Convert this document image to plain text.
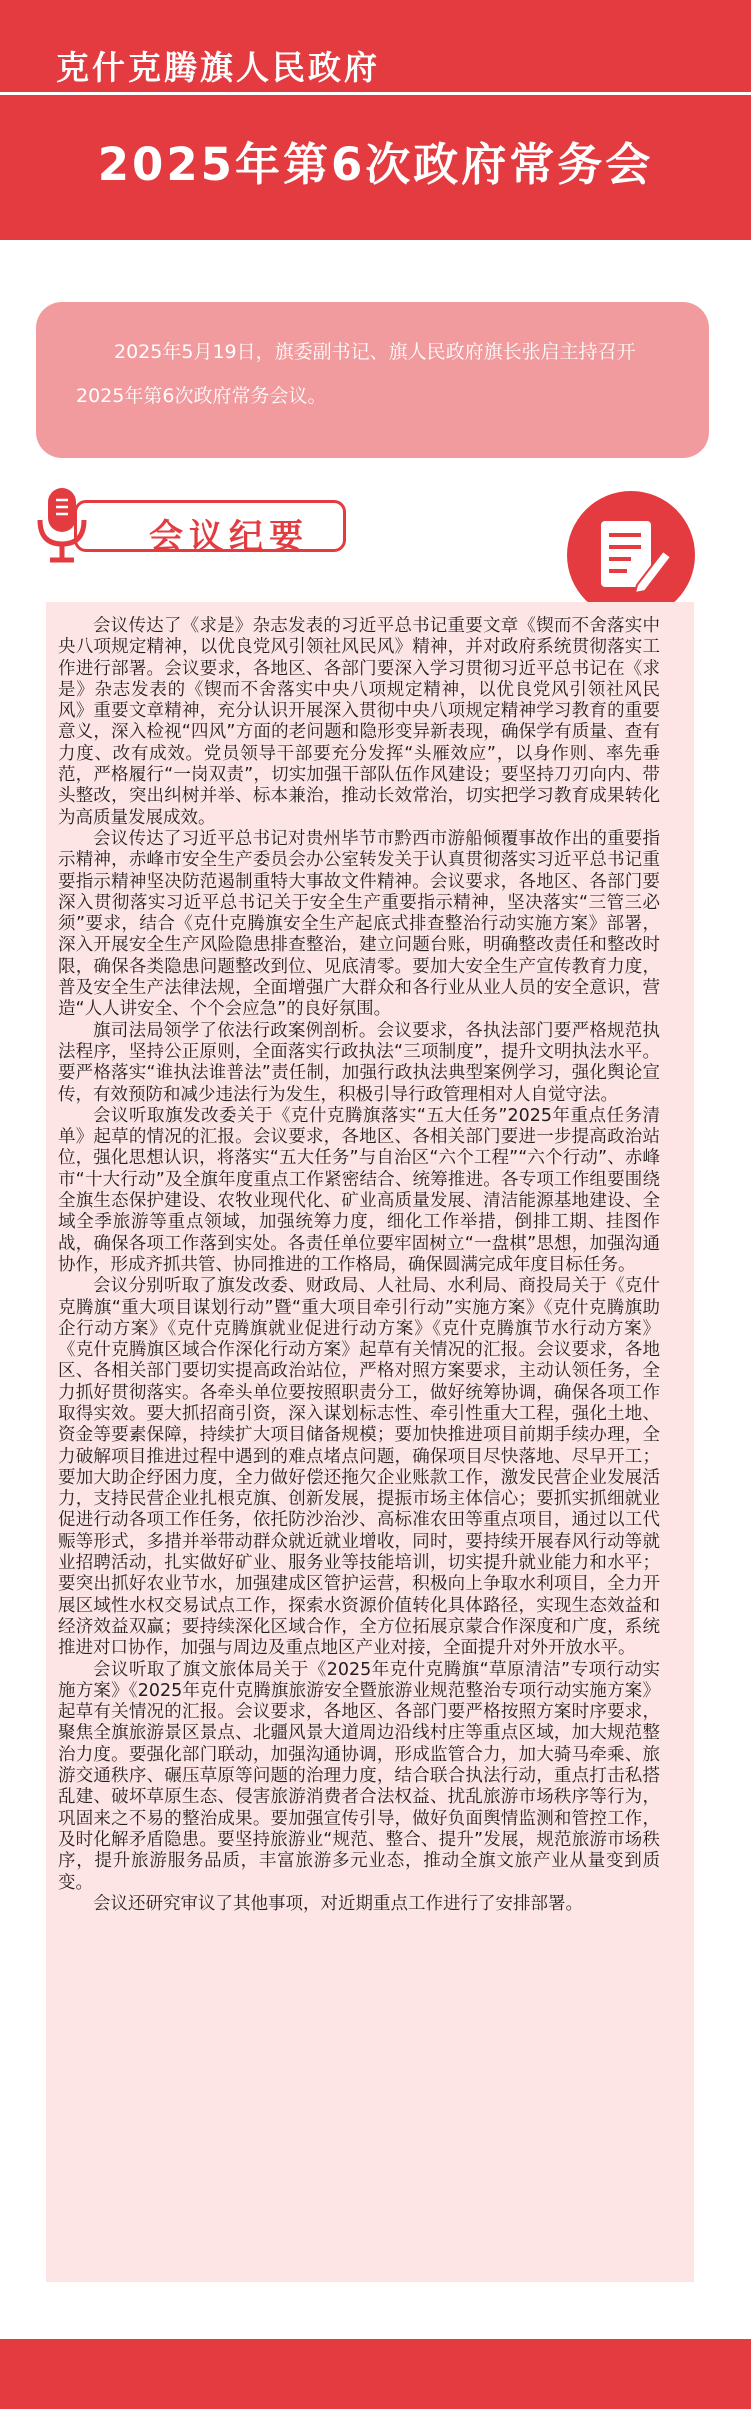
克什克腾旗人民政府
2025年第6次政府常务会
2025年5月19日，旗委副书记、旗人民政府旗长张启主持召开2025年第6次政府常务会议。
会议纪要

会议传达了《求是》杂志发表的习近平总书记重要文章《锲而不舍落实中央八项规定精神，以优良党风引领社风民风》精神，并对政府系统贯彻落实工作进行部署。会议要求，各地区、各部门要深入学习贯彻习近平总书记在《求是》杂志发表的《锲而不舍落实中央八项规定精神，以优良党风引领社风民风》重要文章精神，充分认识开展深入贯彻中央八项规定精神学习教育的重要意义，深入检视“四风”方面的老问题和隐形变异新表现，确保学有质量、查有力度、改有成效。党员领导干部要充分发挥“头雁效应”，以身作则、率先垂范，严格履行“一岗双责”，切实加强干部队伍作风建设；要坚持刀刃向内、带头整改，突出纠树并举、标本兼治，推动长效常治，切实把学习教育成果转化为高质量发展成效。

会议传达了习近平总书记对贵州毕节市黔西市游船倾覆事故作出的重要指示精神，赤峰市安全生产委员会办公室转发关于认真贯彻落实习近平总书记重要指示精神坚决防范遏制重特大事故文件精神。会议要求，各地区、各部门要深入贯彻落实习近平总书记关于安全生产重要指示精神，坚决落实“三管三必须”要求，结合《克什克腾旗安全生产起底式排查整治行动实施方案》部署，深入开展安全生产风险隐患排查整治，建立问题台账，明确整改责任和整改时限，确保各类隐患问题整改到位、见底清零。要加大安全生产宣传教育力度，普及安全生产法律法规，全面增强广大群众和各行业从业人员的安全意识，营造“人人讲安全、个个会应急”的良好氛围。

旗司法局领学了依法行政案例剖析。会议要求，各执法部门要严格规范执法程序，坚持公正原则，全面落实行政执法“三项制度”，提升文明执法水平。要严格落实“谁执法谁普法”责任制，加强行政执法典型案例学习，强化舆论宣传，有效预防和减少违法行为发生，积极引导行政管理相对人自觉守法。

会议听取旗发改委关于《克什克腾旗落实“五大任务”2025年重点任务清单》起草的情况的汇报。会议要求，各地区、各相关部门要进一步提高政治站位，强化思想认识，将落实“五大任务”与自治区“六个工程”“六个行动”、赤峰市“十大行动”及全旗年度重点工作紧密结合、统筹推进。各专项工作组要围绕全旗生态保护建设、农牧业现代化、矿业高质量发展、清洁能源基地建设、全域全季旅游等重点领域，加强统筹力度，细化工作举措，倒排工期、挂图作战，确保各项工作落到实处。各责任单位要牢固树立“一盘棋”思想，加强沟通协作，形成齐抓共管、协同推进的工作格局，确保圆满完成年度目标任务。

会议分别听取了旗发改委、财政局、人社局、水利局、商投局关于《克什克腾旗“重大项目谋划行动”暨“重大项目牵引行动”实施方案》《克什克腾旗助企行动方案》《克什克腾旗就业促进行动方案》《克什克腾旗节水行动方案》《克什克腾旗区域合作深化行动方案》起草有关情况的汇报。会议要求，各地区、各相关部门要切实提高政治站位，严格对照方案要求，主动认领任务，全力抓好贯彻落实。各牵头单位要按照职责分工，做好统筹协调，确保各项工作取得实效。要大抓招商引资，深入谋划标志性、牵引性重大工程，强化土地、资金等要素保障，持续扩大项目储备规模；要加快推进项目前期手续办理，全力破解项目推进过程中遇到的难点堵点问题，确保项目尽快落地、尽早开工；要加大助企纾困力度，全力做好偿还拖欠企业账款工作，激发民营企业发展活力，支持民营企业扎根克旗、创新发展，提振市场主体信心；要抓实抓细就业促进行动各项工作任务，依托防沙治沙、高标准农田等重点项目，通过以工代赈等形式，多措并举带动群众就近就业增收，同时，要持续开展春风行动等就业招聘活动，扎实做好矿业、服务业等技能培训，切实提升就业能力和水平；要突出抓好农业节水，加强建成区管护运营，积极向上争取水利项目，全力开展区域性水权交易试点工作，探索水资源价值转化具体路径，实现生态效益和经济效益双赢；要持续深化区域合作，全方位拓展京蒙合作深度和广度，系统推进对口协作，加强与周边及重点地区产业对接，全面提升对外开放水平。

会议听取了旗文旅体局关于《2025年克什克腾旗“草原清洁”专项行动实施方案》《2025年克什克腾旗旅游安全暨旅游业规范整治专项行动实施方案》起草有关情况的汇报。会议要求，各地区、各部门要严格按照方案时序要求，聚焦全旗旅游景区景点、北疆风景大道周边沿线村庄等重点区域，加大规范整治力度。要强化部门联动，加强沟通协调，形成监管合力，加大骑马牵乘、旅游交通秩序、碾压草原等问题的治理力度，结合联合执法行动，重点打击私搭乱建、破坏草原生态、侵害旅游消费者合法权益、扰乱旅游市场秩序等行为，巩固来之不易的整治成果。要加强宣传引导，做好负面舆情监测和管控工作，及时化解矛盾隐患。要坚持旅游业“规范、整合、提升”发展，规范旅游市场秩序，提升旅游服务品质，丰富旅游多元业态，推动全旗文旅产业从量变到质变。

会议还研究审议了其他事项，对近期重点工作进行了安排部署。
